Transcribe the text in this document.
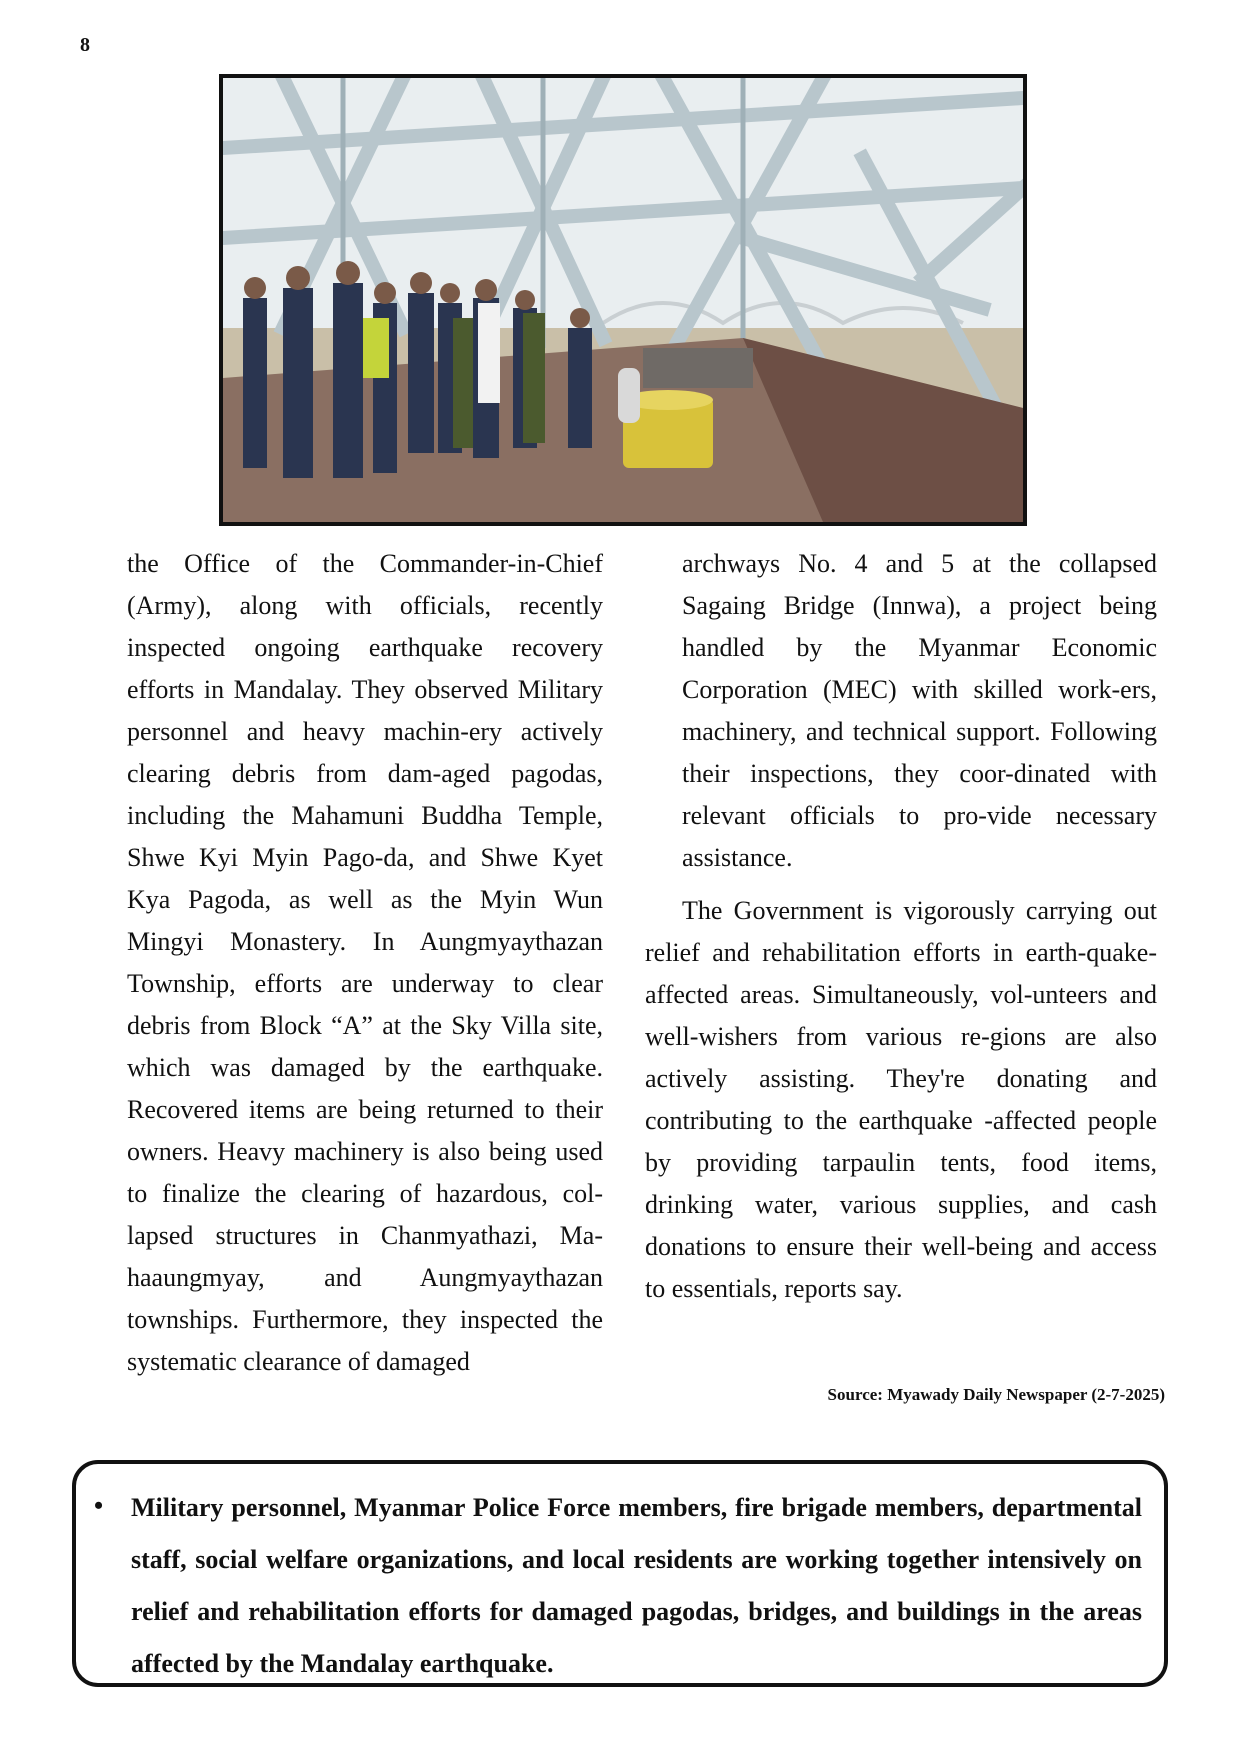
8

the Office of the Commander-in-Chief (Army), along with officials, recently inspected ongoing earthquake recovery efforts in Mandalay. They observed Military personnel and heavy machin-ery actively clearing debris from dam-aged pagodas, including the Mahamuni Buddha Temple, Shwe Kyi Myin Pago-da, and Shwe Kyet Kya Pagoda, as well as the Myin Wun Mingyi Monastery. In Aungmyaythazan Township, efforts are underway to clear debris from Block “A” at the Sky Villa site, which was damaged by the earthquake. Recovered items are being returned to their owners. Heavy machinery is also being used to finalize the clearing of hazardous, col-lapsed structures in Chanmyathazi, Ma-haaungmyay, and Aungmyaythazan townships. Furthermore, they inspected the systematic clearance of damaged

archways No. 4 and 5 at the collapsed Sagaing Bridge (Innwa), a project being handled by the Myanmar Economic Corporation (MEC) with skilled work-ers, machinery, and technical support. Following their inspections, they coor-dinated with relevant officials to pro-vide necessary assistance.

The Government is vigorously carrying out relief and rehabilitation efforts in earth-quake-affected areas. Simultaneously, vol-unteers and well-wishers from various re-gions are also actively assisting. They're donating and contributing to the earthquake -affected people by providing tarpaulin tents, food items, drinking water, various supplies, and cash donations to ensure their well-being and access to essentials, reports say.

Source: Myawady Daily Newspaper (2-7-2025)
• Military personnel, Myanmar Police Force members, fire brigade members, departmental staff, social welfare organizations, and local residents are working together intensively on relief and rehabilitation efforts for damaged pagodas, bridges, and buildings in the areas affected by the Mandalay earthquake.
